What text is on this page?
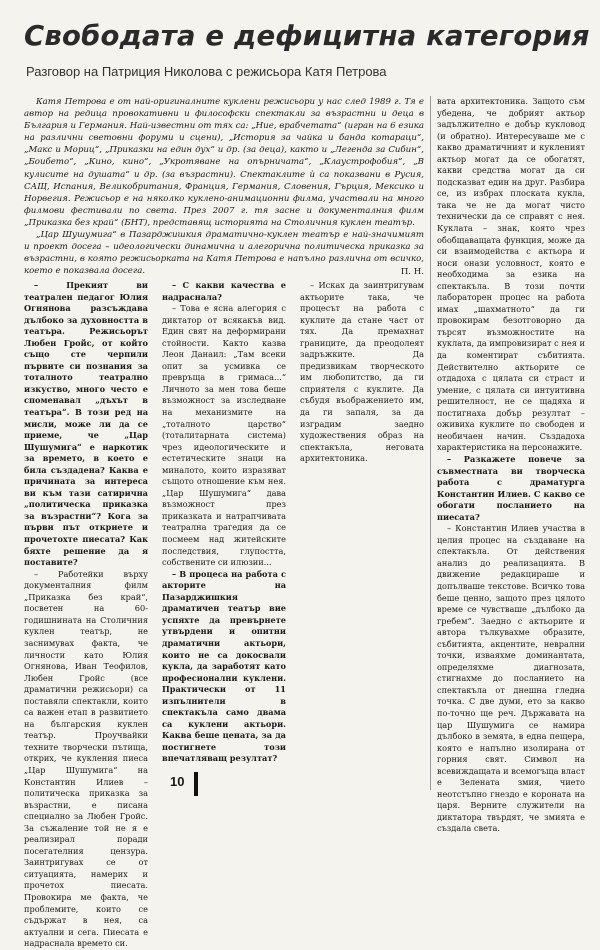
Свободата е дефицитна категория
Разговор на Патриция Николова с режисьора Катя Петрова

Катя Петрова е от най-оригиналните куклени режисьори у нас след 1989 г. Тя е автор на редица провокативни и философски спектакли за възрастни и деца в България и Германия. Най-известни от тях са: „Ние, врабчетата“ (игран на 6 езика на различни световни форуми и сцени), „История за чайка и банда котараци“, „Макс и Мориц“, „Приказки на един дух“ и др. (за деца), както и „Легенда за Сибин“, „Боибето“, „Кино, кино“, „Укротяване на опърничата“, „Клаустрофобия“, „В кулисите на душата“ и др. (за възрастни). Спектаклите ѝ са показвани в Русия, САЩ, Испания, Великобритания, Франция, Германия, Словения, Гърция, Мексико и Норвегия. Режисьор е на няколко куклено-анимационни филма, участвали на много филмови фестивали по света. През 2007 г. тя засне и документалния филм „Приказка без край“ (БНТ), представящ историята на Столичния куклен театър.

„Цар Шушумига“ в Пазарджишкия драматично-куклен театър е най-значимият и проект досега – идеологически динамична и алегорична политическа приказка за възрастни, в която режисьорката на Катя Петрова е напълно различна от всичко, което е показвала досега.	П. Н.

– Прекият ви театрален педагог Юлия Огнянова разсъждава дълбоко за духовността в театъра. Режисьорът Любен Гройс, от който също сте черпили първите си познания за тоталното театрално изкуство, много често е споменавал „дъхът в театъра“. В този ред на мисли, може ли да се приеме, че „Цар Шушумига“ е наркотик за времето, в което е била създадена? Каква е причината за интереса ви към тази сатирична „политическа приказка за възрастни“? Кога за първи път откриете и прочетохте пиесата? Как бяхте решение да я поставите?

– Работейки върху документалния филм „Приказка без край“, посветен на 60-годишнината на Столичния куклен театър, не заснимувах факта, че личности като Юлия Огнянова, Иван Теофилов, Любен Гройс (все драматични режисьори) са поставяли спектакли, които са важен етап в развитието на българския куклен театър. Проучвайки техните творчески пътища, открих, че кукления пиеса „Цар Шушумига“ на Константин Илиев – политическа приказка за възрастни, е писана специално за Любен Гройс. За съжаление той не я е реализирал поради посегателния цензура. Заинтригувах се от ситуацията, намерих и прочетох пиесата. Провокира ме факта, че проблемите, които се съдържат в нея, са актуални и сега. Пиесата е надраснала времето си.

– С какви качества е надраснала?

– Това е ясна алегория с диктатор от всякакъв вид. Един свят на деформирани стойности. Както казва Леон Данаил: „Там всеки опит за усмивка се превръща в гримаса...“ Личното за мен това беше възможност за изследване на механизмите на „тоталното царство“ (тоталитарната система) чрез идеологическите и естетическите знаци на миналото, които изразяват същото отношение към нея. „Цар Шушумига“ дава възможност през приказката и натрапчивата театрална трагедия да се посмеем над житейските последствия, глупостта, собствените си илюзии...

– В процеса на работа с акторите на Пазарджишкия драматичен театър вие успяхте да превърнете утвърдени и опитни драматични актьори, които не са докосвали кукла, да заработят като професионални куклени. Практически от 11 изпълнители в спектакъла само двама са куклени актьори. Каква беше цената, за да постигнете този впечатляващ резултат?

– Исках да заинтригувам актьорите така, че процесът на работа с куклите да стане част от тях. Да премахнат границите, да преодолеят задръжките. Да предизвикам творческото им любопитство, да ги сприятеля с куклите. Да събудя въображението им, да ги запаля, за да изградим заедно художествения образ на спектакъла, неговата архитектоника.

вата архитектоника. Защото съм убедена, че добрият актьор задължително е добър кукловод (и обратно). Интересуваше ме с какво драматичният и кукленият актьор могат да се обогатят, какви средства могат да си подсказват един на друг. Разбира се, из избрах плоската кукла, така че не да могат чисто технически да се справят с нея. Куклата – знак, която чрез обобщаващата функция, може да си взаимодейства с актьора и носи онази условност, която е необходима за езика на спектакъла. В този почти лабораторен процес на работа имах „шахматното“ да ги провокирам безотговорно да търсят възможностите на куклата, да импровизират с нея и да коментират събитията. Действително актьорите се отдадоха с цялата си страст и умение, с цялата си интуитивна решителност, не се щадяха и постигнаха добър резултат – оживиха куклите по свободен и необичаен начин. Създадоха характеристика на персонажите.

– Разкажете повече за съвместната ви творческа работа с драматурга Константин Илиев. С какво се обогати посланието на пиесата?

– Константин Илиев участва в целия процес на създаване на спектакъла. От действения анализ до реализацията. В движение редакцираше и допълваше текстове. Всичко това беше ценно, защото през цялото време се чувстваше „дълбоко да гребем“. Заедно с актьорите и автора тълкувахме образите, събитията, акцентите, неврални точки, изваяхме доминантата, определяхме диагнозата, стигнахме до посланието на спектакъла от днешна гледна точка. С две думи, ето за какво по-точно ще реч. Държавата на цар Шушумига се намира дълбоко в земята, в една пещера, която е напълно изолирана от горния свят. Символ на всевиждащата и всемогъща власт е Зелената змия, чието неотстъпно гнездо е короната на царя. Верните служители на диктатора твърдят, че змията е създала света.

10
